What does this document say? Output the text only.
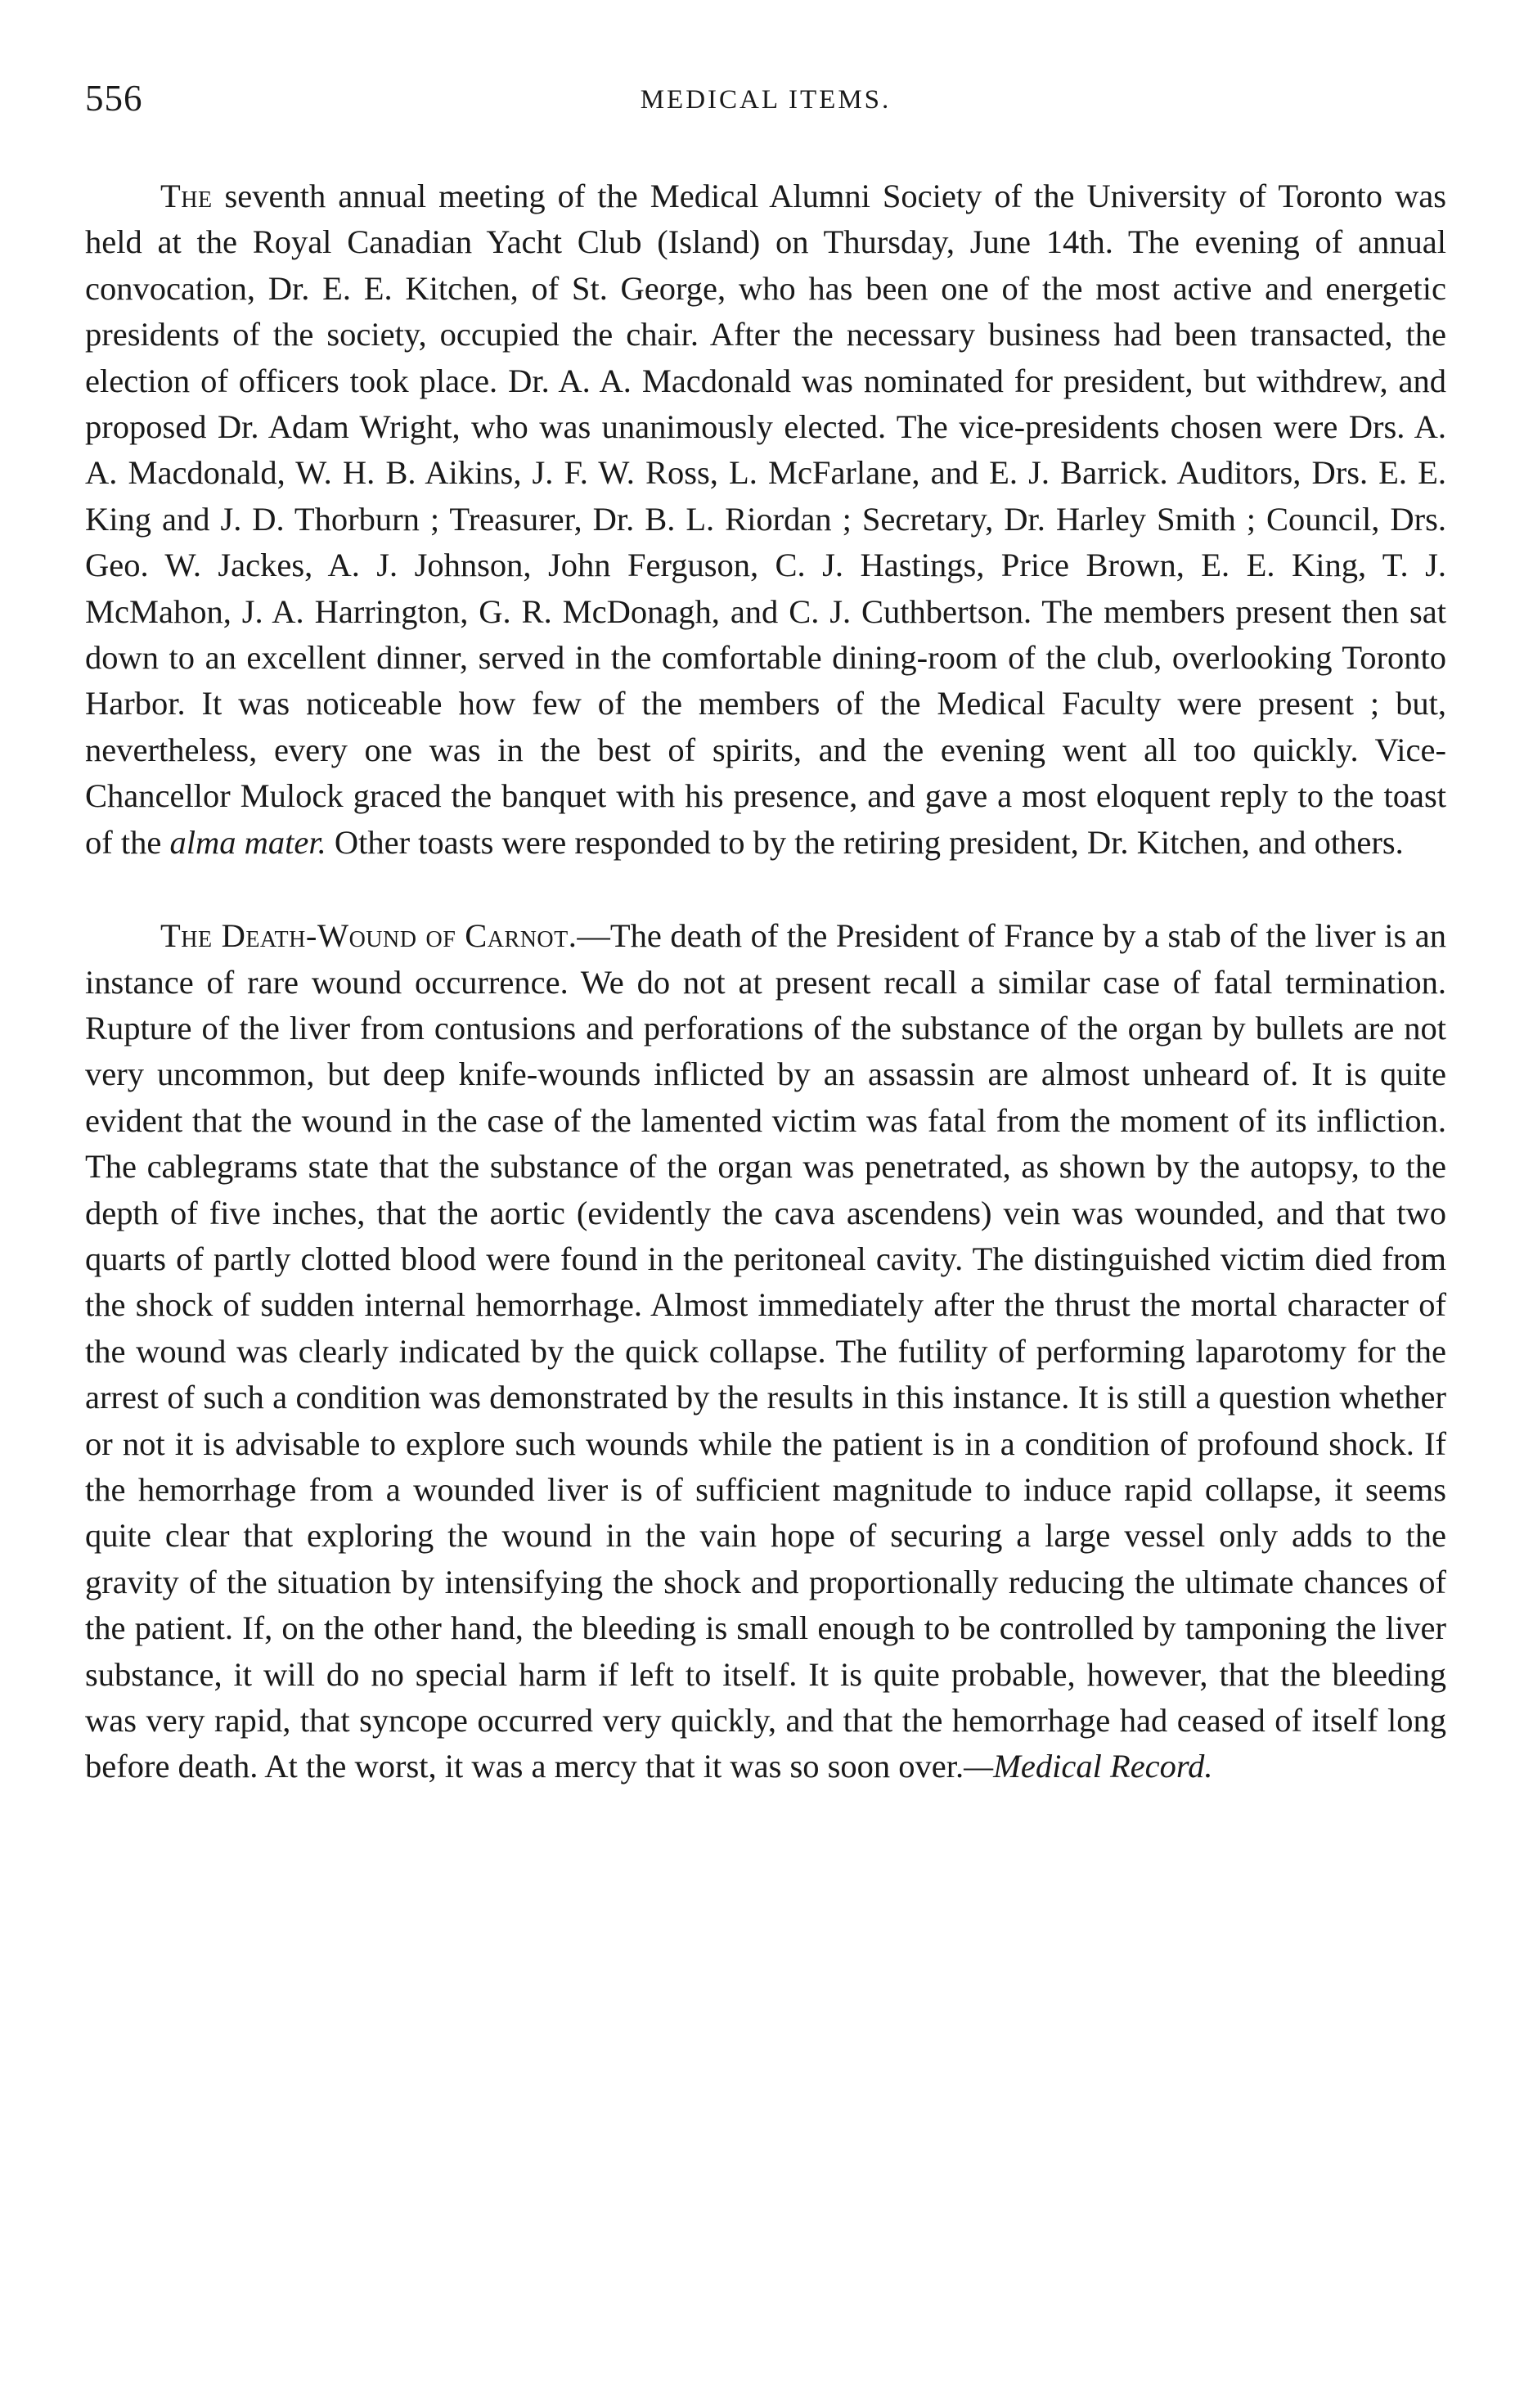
556	MEDICAL ITEMS.

The seventh annual meeting of the Medical Alumni Society of the University of Toronto was held at the Royal Canadian Yacht Club (Island) on Thursday, June 14th. The evening of annual convocation, Dr. E. E. Kitchen, of St. George, who has been one of the most active and energetic presidents of the society, occupied the chair. After the necessary business had been transacted, the election of officers took place. Dr. A. A. Macdonald was nominated for president, but withdrew, and proposed Dr. Adam Wright, who was unanimously elected. The vice-presidents chosen were Drs. A. A. Macdonald, W. H. B. Aikins, J. F. W. Ross, L. McFarlane, and E. J. Barrick. Auditors, Drs. E. E. King and J. D. Thorburn ; Treasurer, Dr. B. L. Riordan ; Secretary, Dr. Harley Smith ; Council, Drs. Geo. W. Jackes, A. J. Johnson, John Ferguson, C. J. Hastings, Price Brown, E. E. King, T. J. McMahon, J. A. Harrington, G. R. McDonagh, and C. J. Cuthbertson. The members present then sat down to an excellent dinner, served in the comfortable dining-room of the club, overlooking Toronto Harbor. It was noticeable how few of the members of the Medical Faculty were present ; but, nevertheless, every one was in the best of spirits, and the evening went all too quickly. Vice-Chancellor Mulock graced the banquet with his presence, and gave a most eloquent reply to the toast of the alma mater. Other toasts were responded to by the retiring president, Dr. Kitchen, and others.

The Death-Wound of Carnot.—The death of the President of France by a stab of the liver is an instance of rare wound occurrence. We do not at present recall a similar case of fatal termination. Rupture of the liver from contusions and perforations of the substance of the organ by bullets are not very uncommon, but deep knife-wounds inflicted by an assassin are almost unheard of. It is quite evident that the wound in the case of the lamented victim was fatal from the moment of its infliction. The cablegrams state that the substance of the organ was penetrated, as shown by the autopsy, to the depth of five inches, that the aortic (evidently the cava ascendens) vein was wounded, and that two quarts of partly clotted blood were found in the peritoneal cavity. The distinguished victim died from the shock of sudden internal hemorrhage. Almost immediately after the thrust the mortal character of the wound was clearly indicated by the quick collapse. The futility of performing laparotomy for the arrest of such a condition was demonstrated by the results in this instance. It is still a question whether or not it is advisable to explore such wounds while the patient is in a condition of profound shock. If the hemorrhage from a wounded liver is of sufficient magnitude to induce rapid collapse, it seems quite clear that exploring the wound in the vain hope of securing a large vessel only adds to the gravity of the situation by intensifying the shock and proportionally reducing the ultimate chances of the patient. If, on the other hand, the bleeding is small enough to be controlled by tamponing the liver substance, it will do no special harm if left to itself. It is quite probable, however, that the bleeding was very rapid, that syncope occurred very quickly, and that the hemorrhage had ceased of itself long before death. At the worst, it was a mercy that it was so soon over.—Medical Record.
